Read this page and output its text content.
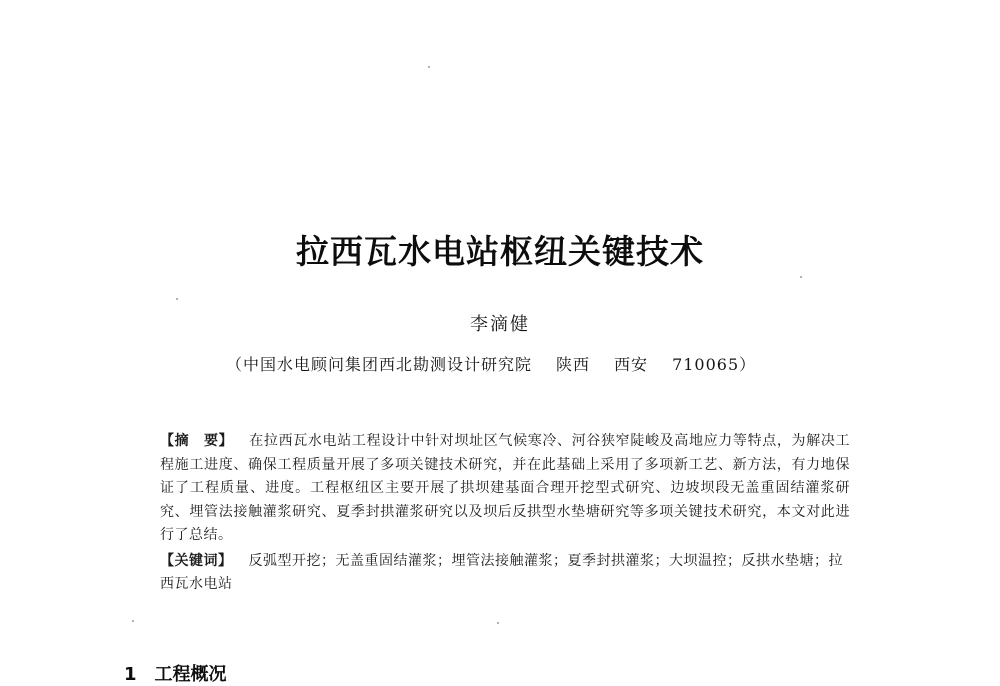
拉西瓦水电站枢纽关键技术
李滴健
（中国水电顾问集团西北勘测设计研究院 陕西 西安 710065）
【摘　要】 在拉西瓦水电站工程设计中针对坝址区气候寒冷、河谷狭窄陡峻及高地应力等特点，为解决工程施工进度、确保工程质量开展了多项关键技术研究，并在此基础上采用了多项新工艺、新方法，有力地保证了工程质量、进度。工程枢纽区主要开展了拱坝建基面合理开挖型式研究、边坡坝段无盖重固结灌浆研究、埋管法接触灌浆研究、夏季封拱灌浆研究以及坝后反拱型水垫塘研究等多项关键技术研究，本文对此进行了总结。
【关键词】 反弧型开挖；无盖重固结灌浆；埋管法接触灌浆；夏季封拱灌浆；大坝温控；反拱水垫塘；拉西瓦水电站
1 工程概况
